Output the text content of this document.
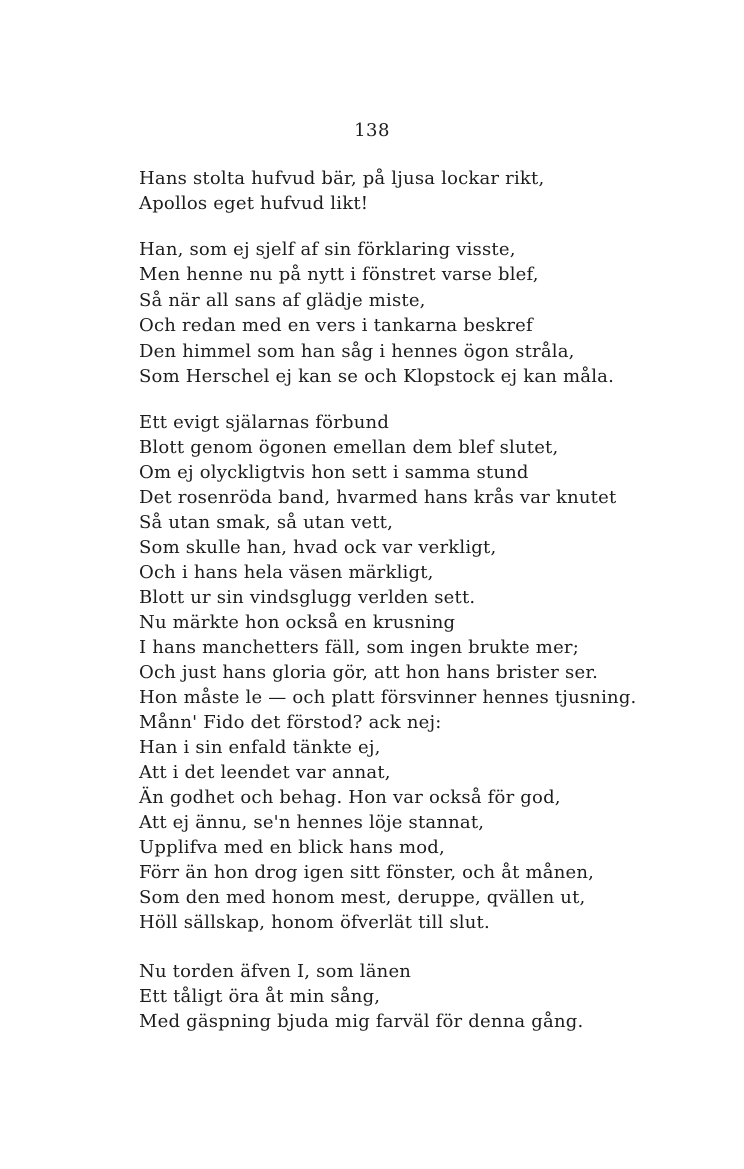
138
Hans stolta hufvud bär, på ljusa lockar rikt,
Apollos eget hufvud likt!
Han, som ej sjelf af sin förklaring visste,
Men henne nu på nytt i fönstret varse blef,
Så när all sans af glädje miste,
Och redan med en vers i tankarna beskref
Den himmel som han såg i hennes ögon stråla,
Som Herschel ej kan se och Klopstock ej kan måla.
Ett evigt själarnas förbund
Blott genom ögonen emellan dem blef slutet,
Om ej olyckligtvis hon sett i samma stund
Det rosenröda band, hvarmed hans krås var knutet
Så utan smak, så utan vett,
Som skulle han, hvad ock var verkligt,
Och i hans hela väsen märkligt,
Blott ur sin vindsglugg verlden sett.
Nu märkte hon också en krusning
I hans manchetters fäll, som ingen brukte mer;
Och just hans gloria gör, att hon hans brister ser.
Hon måste le — och platt försvinner hennes tjusning.
Månn' Fido det förstod? ack nej:
Han i sin enfald tänkte ej,
Att i det leendet var annat,
Än godhet och behag. Hon var också för god,
Att ej ännu, se'n hennes löje stannat,
Upplifva med en blick hans mod,
Förr än hon drog igen sitt fönster, och åt månen,
Som den med honom mest, deruppe, qvällen ut,
Höll sällskap, honom öfverlät till slut.
Nu torden äfven I, som länen
Ett tåligt öra åt min sång,
Med gäspning bjuda mig farväl för denna gång.
